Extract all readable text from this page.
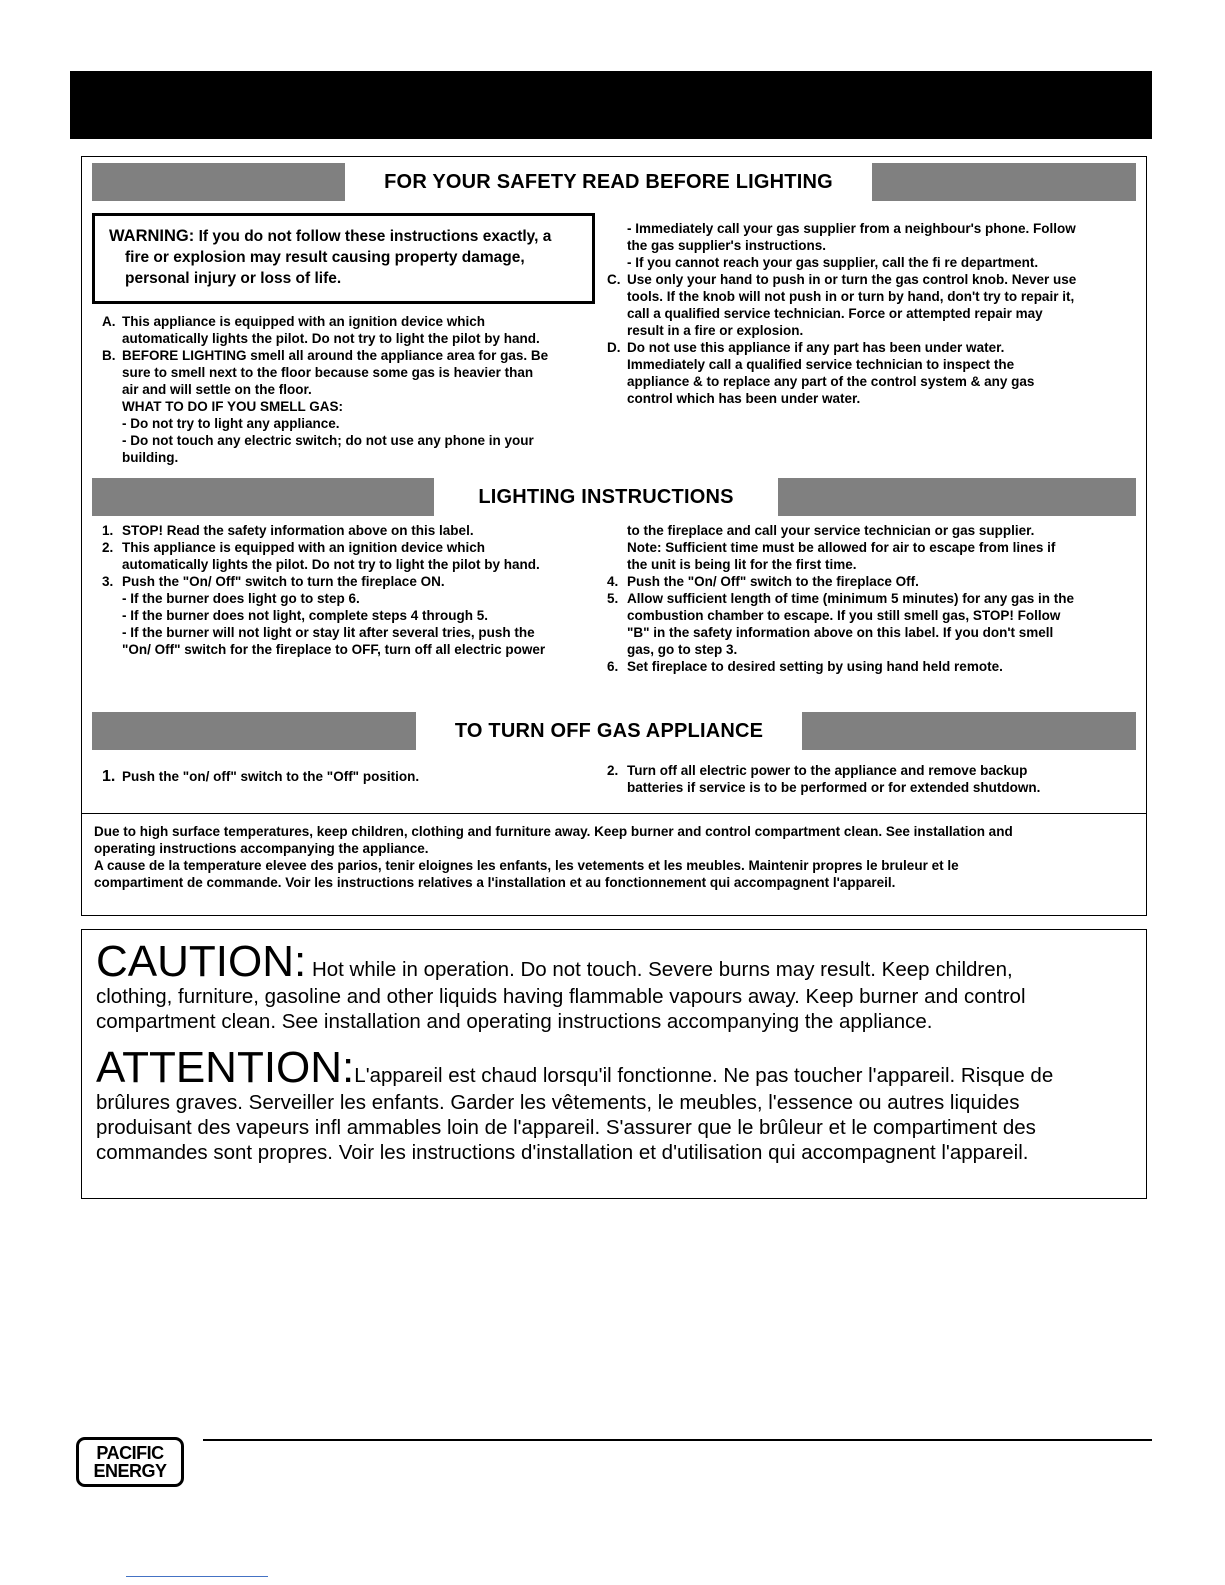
FOR YOUR SAFETY READ BEFORE LIGHTING
WARNING: If you do not follow these instructions exactly, a
fire or explosion may result causing property damage,
personal injury or loss of life.
A. This appliance is equipped with an ignition device which
automatically lights the pilot. Do not try to light the pilot by hand.
B. BEFORE LIGHTING smell all around the appliance area for gas. Be
sure to smell next to the floor because some gas is heavier than
air and will settle on the floor.
WHAT TO DO IF YOU SMELL GAS:
- Do not try to light any appliance.
- Do not touch any electric switch; do not use any phone in your
building.
- Immediately call your gas supplier from a neighbour's phone. Follow
the gas supplier's instructions.
- If you cannot reach your gas supplier, call the fi re department.
C. Use only your hand to push in or turn the gas control knob. Never use
tools. If the knob will not push in or turn by hand, don't try to repair it,
call a qualified service technician. Force or attempted repair may
result in a fire or explosion.
D. Do not use this appliance if any part has been under water.
Immediately call a qualified service technician to inspect the
appliance & to replace any part of the control system & any gas
control which has been under water.
LIGHTING INSTRUCTIONS
1. STOP! Read the safety information above on this label.
2. This appliance is equipped with an ignition device which
automatically lights the pilot. Do not try to light the pilot by hand.
3. Push the "On/ Off" switch to turn the fireplace ON.
- If the burner does light go to step 6.
- If the burner does not light, complete steps 4 through 5.
- If the burner will not light or stay lit after several tries, push the
"On/ Off" switch for the fireplace to OFF, turn off all electric power
to the fireplace and call your service technician or gas supplier.
Note: Sufficient time must be allowed for air to escape from lines if
the unit is being lit for the first time.
4. Push the "On/ Off" switch to the fireplace Off.
5. Allow sufficient length of time (minimum 5 minutes) for any gas in the
combustion chamber to escape. If you still smell gas, STOP! Follow
"B" in the safety information above on this label. If you don't smell
gas, go to step 3.
6. Set fireplace to desired setting by using hand held remote.
TO TURN OFF GAS APPLIANCE
1. Push the "on/ off" switch to the "Off" position.	2. Turn off all electric power to the appliance and remove backup
batteries if service is to be performed or for extended shutdown.
Due to high surface temperatures, keep children, clothing and furniture away. Keep burner and control compartment clean. See installation and
operating instructions accompanying the appliance.
A cause de la temperature elevee des parios, tenir eloignes les enfants, les vetements et les meubles. Maintenir propres le bruleur et le
compartiment de commande. Voir les instructions relatives a l'installation et au fonctionnement qui accompagnent l'appareil.

CAUTION: Hot while in operation. Do not touch. Severe burns may result. Keep children,
clothing, furniture, gasoline and other liquids having flammable vapours away. Keep burner and control
compartment clean. See installation and operating instructions accompanying the appliance.

ATTENTION:L'appareil est chaud lorsqu'il fonctionne. Ne pas toucher l'appareil. Risque de
brûlures graves. Serveiller les enfants. Garder les vêtements, le meubles, l'essence ou autres liquides
produisant des vapeurs infl ammables loin de l'appareil. S'assurer que le brûleur et le compartiment des
commandes sont propres. Voir les instructions d'installation et d'utilisation qui accompagnent l'appareil.

PACIFIC
ENERGY
